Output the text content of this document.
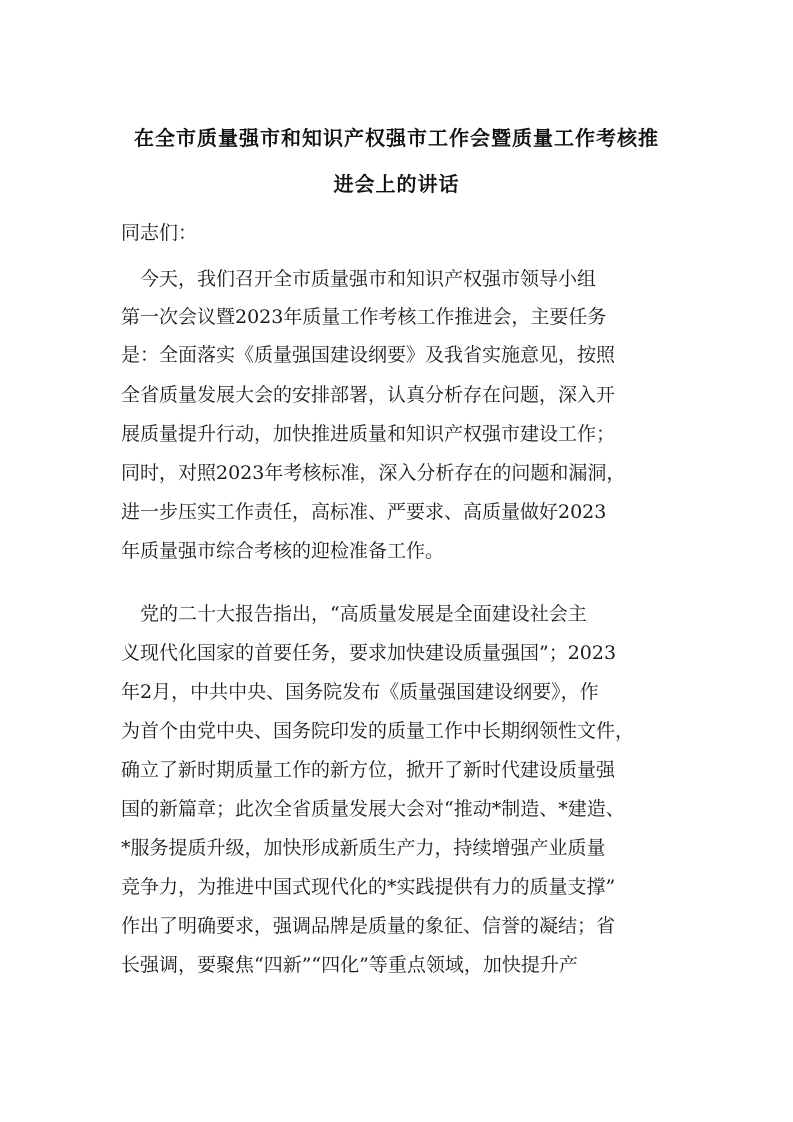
在全市质量强市和知识产权强市工作会暨质量工作考核推
进会上的讲话
同志们：
　今天，我们召开全市质量强市和知识产权强市领导小组
第一次会议暨2023年质量工作考核工作推进会，主要任务
是：全面落实《质量强国建设纲要》及我省实施意见，按照
全省质量发展大会的安排部署，认真分析存在问题，深入开
展质量提升行动，加快推进质量和知识产权强市建设工作；
同时，对照2023年考核标准，深入分析存在的问题和漏洞，
进一步压实工作责任，高标准、严要求、高质量做好2023
年质量强市综合考核的迎检准备工作。
　党的二十大报告指出，“高质量发展是全面建设社会主
义现代化国家的首要任务，要求加快建设质量强国”；2023
年2月，中共中央、国务院发布《质量强国建设纲要》，作
为首个由党中央、国务院印发的质量工作中长期纲领性文件，
确立了新时期质量工作的新方位，掀开了新时代建设质量强
国的新篇章；此次全省质量发展大会对“推动*制造、*建造、
*服务提质升级，加快形成新质生产力，持续增强产业质量
竞争力，为推进中国式现代化的*实践提供有力的质量支撑”
作出了明确要求，强调品牌是质量的象征、信誉的凝结；省
长强调，要聚焦“四新”“四化”等重点领域，加快提升产
